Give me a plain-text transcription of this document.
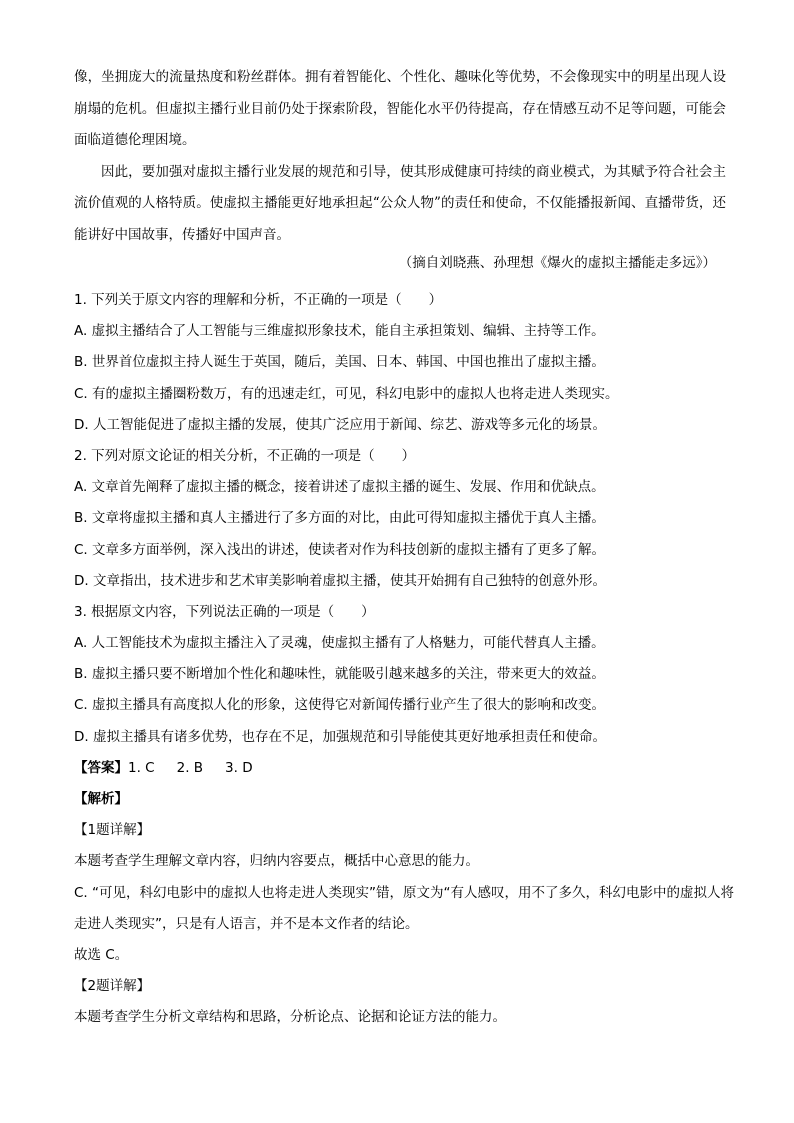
像，坐拥庞大的流量热度和粉丝群体。拥有着智能化、个性化、趣味化等优势，不会像现实中的明星出现人设崩塌的危机。但虚拟主播行业目前仍处于探索阶段，智能化水平仍待提高，存在情感互动不足等问题，可能会面临道德伦理困境。

因此，要加强对虚拟主播行业发展的规范和引导，使其形成健康可持续的商业模式，为其赋予符合社会主流价值观的人格特质。使虚拟主播能更好地承担起“公众人物”的责任和使命，不仅能播报新闻、直播带货，还能讲好中国故事，传播好中国声音。

（摘自刘晓燕、孙理想《爆火的虚拟主播能走多远》）
1. 下列关于原文内容的理解和分析，不正确的一项是（　　）
A. 虚拟主播结合了人工智能与三维虚拟形象技术，能自主承担策划、编辑、主持等工作。
B. 世界首位虚拟主持人诞生于英国，随后，美国、日本、韩国、中国也推出了虚拟主播。
C. 有的虚拟主播圈粉数万，有的迅速走红，可见，科幻电影中的虚拟人也将走进人类现实。
D. 人工智能促进了虚拟主播的发展，使其广泛应用于新闻、综艺、游戏等多元化的场景。
2. 下列对原文论证的相关分析，不正确的一项是（　　）
A. 文章首先阐释了虚拟主播的概念，接着讲述了虚拟主播的诞生、发展、作用和优缺点。
B. 文章将虚拟主播和真人主播进行了多方面的对比，由此可得知虚拟主播优于真人主播。
C. 文章多方面举例，深入浅出的讲述，使读者对作为科技创新的虚拟主播有了更多了解。
D. 文章指出，技术进步和艺术审美影响着虚拟主播，使其开始拥有自己独特的创意外形。
3. 根据原文内容，下列说法正确的一项是（　　）
A. 人工智能技术为虚拟主播注入了灵魂，使虚拟主播有了人格魅力，可能代替真人主播。
B. 虚拟主播只要不断增加个性化和趣味性，就能吸引越来越多的关注，带来更大的效益。
C. 虚拟主播具有高度拟人化的形象，这使得它对新闻传播行业产生了很大的影响和改变。
D. 虚拟主播具有诸多优势，也存在不足，加强规范和引导能使其更好地承担责任和使命。
【答案】1. C 2. B 3. D
【解析】
【1题详解】
本题考查学生理解文章内容，归纳内容要点，概括中心意思的能力。
C. “可见，科幻电影中的虚拟人也将走进人类现实”错，原文为“有人感叹，用不了多久，科幻电影中的虚拟人将走进人类现实”，只是有人语言，并不是本文作者的结论。
故选 C。
【2题详解】
本题考查学生分析文章结构和思路，分析论点、论据和论证方法的能力。
